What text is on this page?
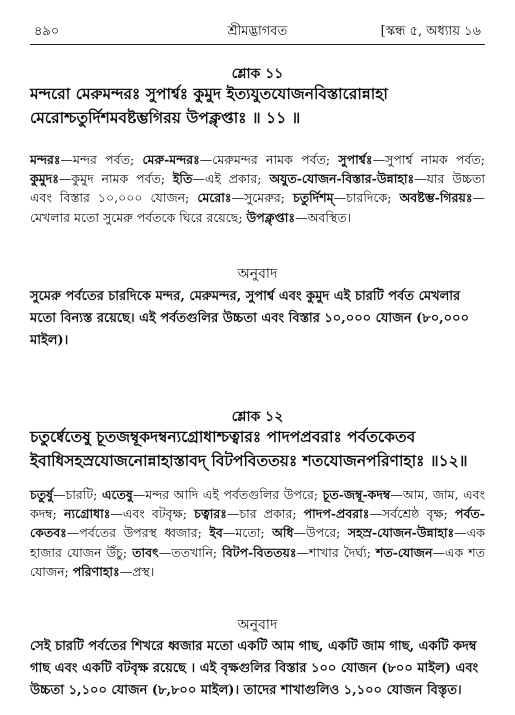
৪৯০	শ্রীমদ্ভাগবত	[স্কন্ধ ৫, অধ্যায় ১৬
শ্লোক ১১
মন্দরো মেরুমন্দরঃ সুপার্শ্বঃ কুমুদ ইত্যযুতযোজনবিস্তারোন্নাহা
মেরোশ্চতুর্দিশমবষ্টম্ভগিরয় উপক্লৃপ্তাঃ ॥ ১১ ॥
মন্দরঃ—মন্দর পর্বত; মেরু-মন্দরঃ—মেরুমন্দর নামক পর্বত; সুপার্শ্বঃ—সুপার্শ্ব নামক পর্বত; কুমুদঃ—কুমুদ নামক পর্বত; ইতি—এই প্রকার; অযুত-যোজন-বিস্তার-উন্নাহাঃ—যার উচ্চতা এবং বিস্তার ১০,০০০ যোজন; মেরোঃ—সুমেরুর; চতুর্দিশম্—চারদিকে; অবষ্টম্ভ-গিরয়ঃ—মেখলার মতো সুমেরু পর্বতকে ঘিরে রয়েছে; উপক্লৃপ্তাঃ—অবস্থিত।
অনুবাদ
সুমেরু পর্বতের চারদিকে মন্দর, মেরুমন্দর, সুপার্শ্ব এবং কুমুদ এই চারটি পর্বত মেখলার মতো বিন্যস্ত রয়েছে। এই পর্বতগুলির উচ্চতা এবং বিস্তার ১০,০০০ যোজন (৮০,০০০ মাইল)।
শ্লোক ১২
চতুর্ষ্বেতেষু চূতজম্বূকদম্বন্যগ্রোধাশ্চত্বারঃ পাদপপ্রবরাঃ পর্বতকেতব
ইবাধিসহস্রযোজনোন্নাহাস্তাবদ্ বিটপবিততয়ঃ শতযোজনপরিণাহাঃ ॥১২॥
চতুর্ষু—চারটি; এতেষু—মন্দর আদি এই পর্বতগুলির উপরে; চূত-জম্বূ-কদম্ব—আম, জাম, এবং কদম্ব; ন্যগ্রোধাঃ—এবং বটবৃক্ষ; চত্বারঃ—চার প্রকার; পাদপ-প্রবরাঃ—সর্বশ্রেষ্ঠ বৃক্ষ; পর্বত-কেতবঃ—পর্বতের উপরস্থ ধ্বজার; ইব—মতো; অধি—উপরে; সহস্র-যোজন-উন্নাহাঃ—এক হাজার যোজন উঁচু; তাবৎ—ততখানি; বিটপ-বিততয়ঃ—শাখার দৈর্ঘ্য; শত-যোজন—এক শত যোজন; পরিণাহাঃ—প্রস্থ।
অনুবাদ
সেই চারটি পর্বতের শিখরে ধ্বজার মতো একটি আম গাছ, একটি জাম গাছ, একটি কদম্ব গাছ এবং একটি বটবৃক্ষ রয়েছে । এই বৃক্ষগুলির বিস্তার ১০০ যোজন (৮০০ মাইল) এবং উচ্চতা ১,১০০ যোজন (৮,৮০০ মাইল)। তাদের শাখাগুলিও ১,১০০ যোজন বিস্তৃত।
